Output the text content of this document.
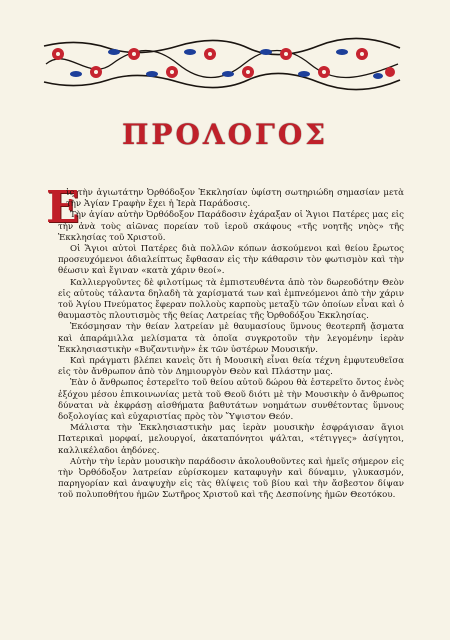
ΠΡΟΛΟΓΟΣ
Ε

ἰς τὴν ἁγιωτάτην Ὀρθόδοξον Ἐκκλησίαν ὑφίστη σωτηριώδη σημασίαν μετὰ τὴν Ἁγίαν Γραφὴν ἔχει ἡ Ἱερὰ Παράδοσις.

Τὴν ἁγίαν αὐτὴν Ὀρθόδοξον Παράδοσιν ἐχάραξαν οἱ Ἅγιοι Πατέρες μας εἰς τὴν ἀνὰ τοὺς αἰῶνας πορείαν τοῦ ἱεροῦ σκάφους «τῆς νοητῆς νηὸς» τῆς Ἐκκλησίας τοῦ Χριστοῦ.

Οἱ Ἅγιοι αὐτοὶ Πατέρες διὰ πολλῶν κόπων ἀσκούμενοι καὶ θείου ἔρωτος προσευχόμενοι ἀδιαλείπτως ἔφθασαν εἰς τὴν κάθαρσιν τὸν φωτισμὸν καὶ τὴν θέωσιν καὶ ἔγιναν «κατὰ χάριν θεοί».

Καλλιεργοῦντες δὲ φιλοτίμως τὰ ἐμπιστευθέντα ἀπὸ τὸν δωρεοδότην Θεὸν εἰς αὐτοὺς τάλαντα δηλαδὴ τὰ χαρίσματά των καὶ ἐμπνεόμενοι ἀπὸ τὴν χάριν τοῦ Ἁγίου Πνεύματος ἔφεραν πολλοὺς καρποὺς μεταξὺ τῶν ὁποίων εἶναι καὶ ὁ θαυμαστὸς πλουτισμὸς τῆς θείας Λατρείας τῆς Ὀρθοδόξου Ἐκκλησίας.

Ἐκόσμησαν τὴν θείαν λατρείαν μὲ θαυμασίους ὕμνους θεοτερπῆ ᾄσματα καὶ ἀπαράμιλλα μελίσματα τὰ ὁποῖα συγκροτοῦν τὴν λεγομένην ἱερὰν Ἐκκλησιαστικὴν «Βυζαντινὴν» ἐκ τῶν ὑστέρων Μουσικήν.

Καὶ πράγματι βλέπει κανεὶς ὅτι ἡ Μουσικὴ εἶναι θεία τέχνη ἐμφυτευθεῖσα εἰς τὸν ἄνθρωπον ἀπὸ τὸν Δημιουργὸν Θεὸν καὶ Πλάστην μας.

Ἐὰν ὁ ἄνθρωπος ἐστερεῖτο τοῦ θείου αὐτοῦ δώρου θὰ ἐστερεῖτο ὄντος ἑνὸς ἐξόχου μέσου ἐπικοινωνίας μετὰ τοῦ Θεοῦ διότι μὲ τὴν Μουσικὴν ὁ ἄνθρωπος δύναται νὰ ἐκφράσῃ αἰσθήματα βαθυτάτων νοημάτων συνθέτοντας ὕμνους δοξολογίας καὶ εὐχαριστίας πρὸς τὸν Ὕψιστον Θεόν.

Μάλιστα τὴν Ἐκκλησιαστικὴν μας ἱερὰν μουσικὴν ἐσφράγισαν ἅγιοι Πατερικαὶ μορφαί, μελουργοί, ἀκαταπόνητοι ψάλται, «τέτιγγες» ἀσίγητοι, καλλικέλαδοι ἀηδόνες.

Αὐτὴν τὴν ἱερὰν μουσικὴν παράδοσιν ἀκολουθοῦντες καὶ ἡμεῖς σήμερον εἰς τὴν Ὀρθόδοξον λατρείαν εὑρίσκομεν καταφυγὴν καὶ δύναμιν, γλυκασμόν, παρηγορίαν καὶ ἀναψυχὴν εἰς τὰς θλίψεις τοῦ βίου καὶ τὴν ἄσβεστον δίψαν τοῦ πολυποθήτου ἡμῶν Σωτῆρος Χριστοῦ καὶ τῆς Δεσποίνης ἡμῶν Θεοτόκου.
